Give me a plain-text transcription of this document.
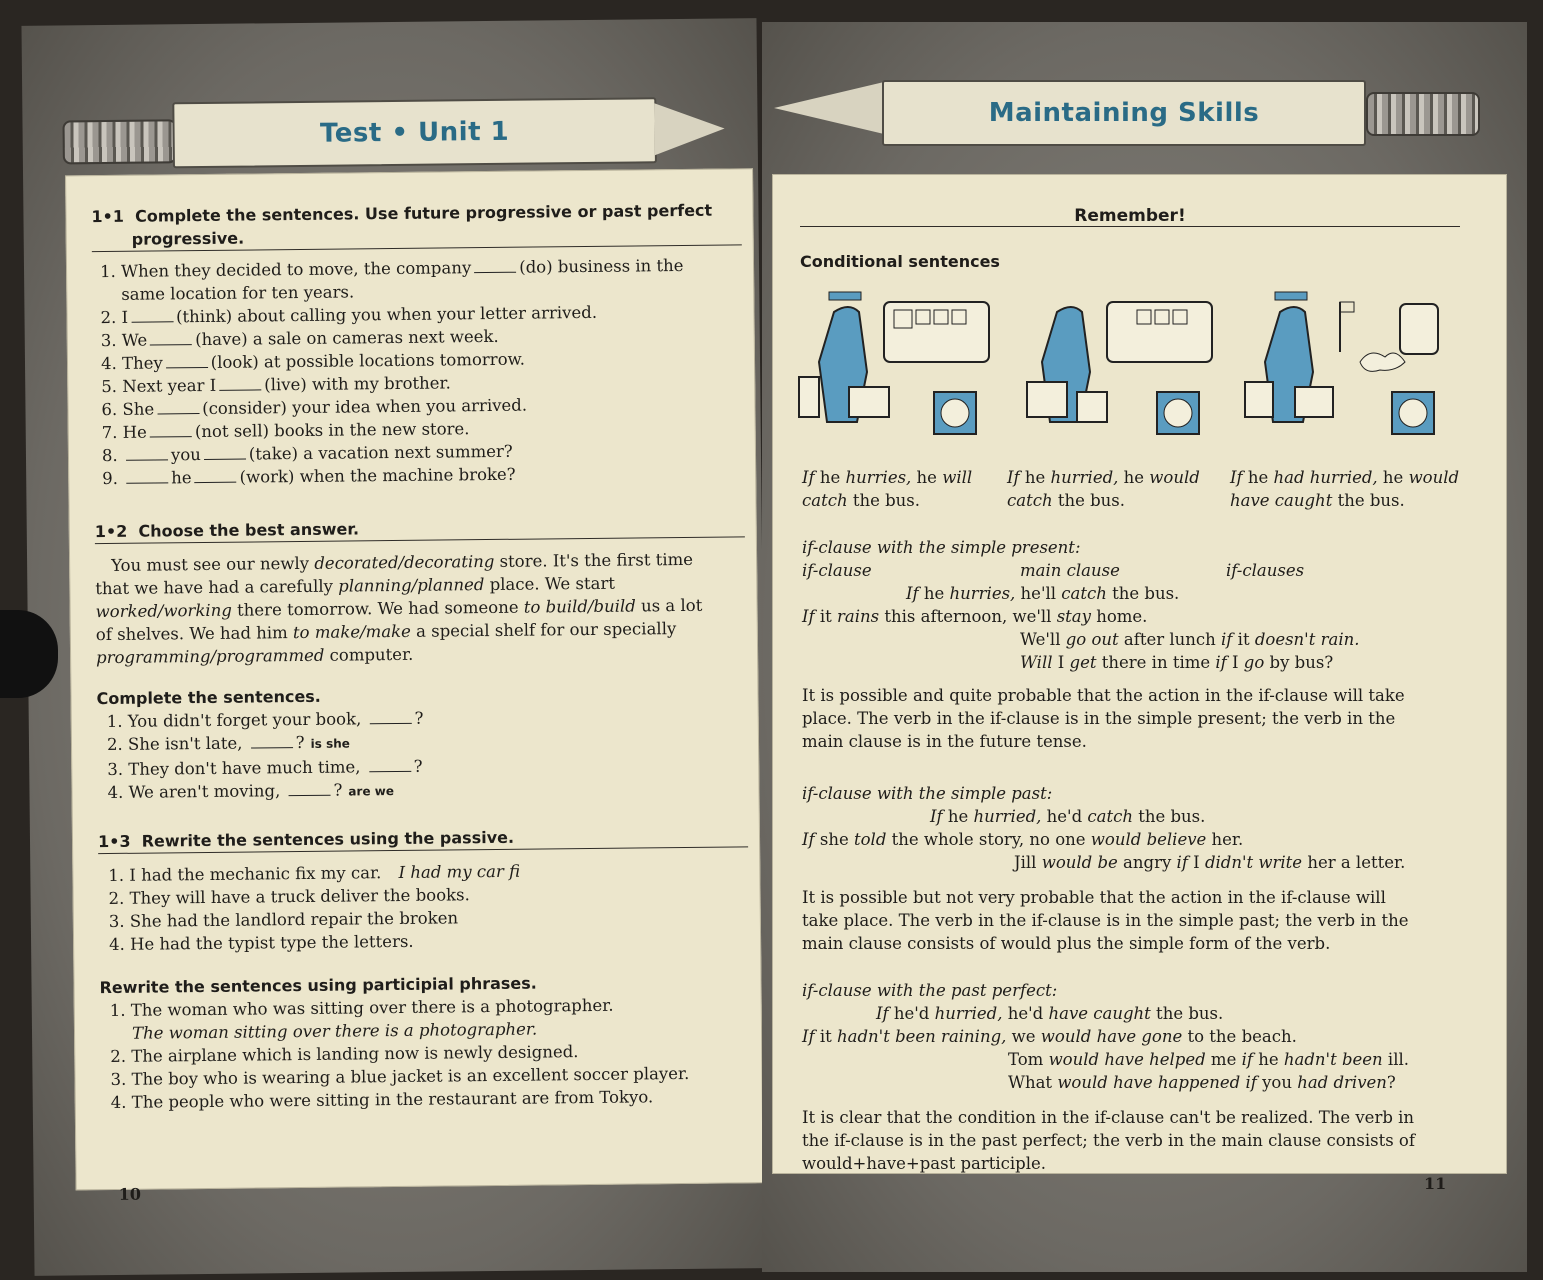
Test • Unit 1
1•1 Complete the sentences. Use future progressive or past perfect
progressive.
1. When they decided to move, the company	(do) business in the
same location for ten years.
2. I	(think) about calling you when your letter arrived.
3. We	(have) a sale on cameras next week.
4. They	(look) at possible locations tomorrow.
5. Next year I	(live) with my brother.
6. She	(consider) your idea when you arrived.
7. He	(not sell) books in the new store.
8.	you	(take) a vacation next summer?
9.	he	(work) when the machine broke?
1•2 Choose the best answer.
You must see our newly decorated/decorating store. It's the first time
that we have had a carefully planning/planned place. We start
worked/working there tomorrow. We had someone to build/build us a lot
of shelves. We had him to make/make a special shelf for our specially
programming/programmed computer.
Complete the sentences.
1. You didn't forget your book,	?
2. She isn't late,	? is she
3. They don't have much time,	?
4. We aren't moving,	? are we
1•3 Rewrite the sentences using the passive.
1. I had the mechanic fix my car. I had my car fi
2. They will have a truck deliver the books.
3. She had the landlord repair the broken
4. He had the typist type the letters.
Rewrite the sentences using participial phrases.
1. The woman who was sitting over there is a photographer.
The woman sitting over there is a photographer.
2. The airplane which is landing now is newly designed.
3. The boy who is wearing a blue jacket is an excellent soccer player.
4. The people who were sitting in the restaurant are from Tokyo.
10
Maintaining Skills
Remember!
Conditional sentences
If he hurries, he will
catch the bus.
If he hurried, he would
catch the bus.
If he had hurried, he would
have caught the bus.
if-clause with the simple present:
if-clause	main clause	if-clauses
If he hurries, he'll catch the bus.
If it rains this afternoon, we'll stay home.
We'll go out after lunch if it doesn't rain.
Will I get there in time if I go by bus?
It is possible and quite probable that the action in the if-clause will take
place. The verb in the if-clause is in the simple present; the verb in the
main clause is in the future tense.
if-clause with the simple past:
If he hurried, he'd catch the bus.
If she told the whole story, no one would believe her.
Jill would be angry if I didn't write her a letter.
It is possible but not very probable that the action in the if-clause will
take place. The verb in the if-clause is in the simple past; the verb in the
main clause consists of would plus the simple form of the verb.
if-clause with the past perfect:
If he'd hurried, he'd have caught the bus.
If it hadn't been raining, we would have gone to the beach.
Tom would have helped me if he hadn't been ill.
What would have happened if you had driven?
It is clear that the condition in the if-clause can't be realized. The verb in
the if-clause is in the past perfect; the verb in the main clause consists of
would+have+past participle.
11
